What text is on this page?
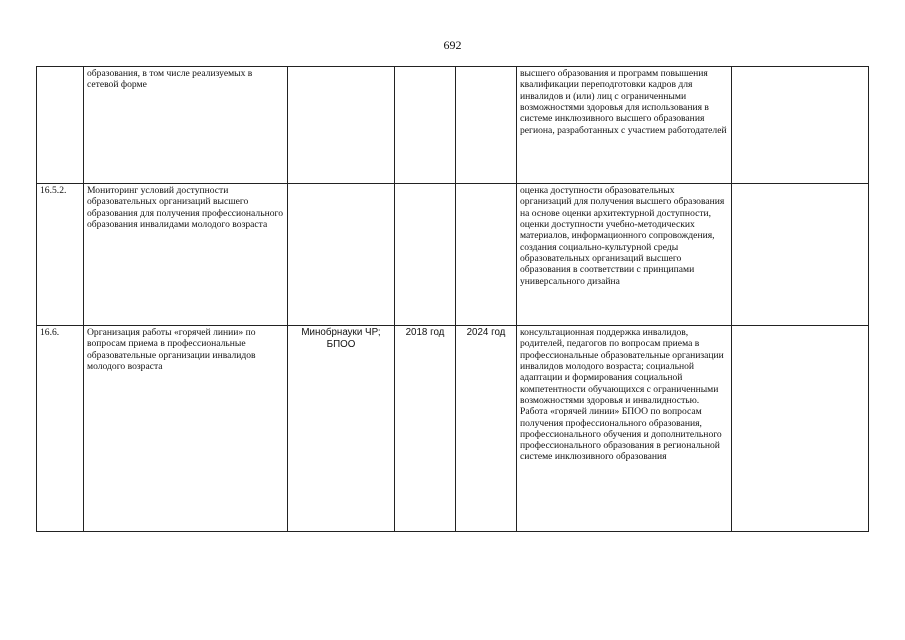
692
	образования, в том числе реализуемых в сетевой форме				высшего образования и программ повышения квалификации переподготовки кадров для инвалидов и (или) лиц с ограниченными возможностями здоровья для использования в системе инклюзивного высшего образования региона, разработанных с участием работодателей	
16.5.2.	Мониторинг условий доступности образовательных организаций высшего образования для получения профессионального образования инвалидами молодого возраста				оценка доступности образовательных организаций для получения высшего образования на основе оценки архитектурной доступности, оценки доступности учебно-методических материалов, информационного сопровождения, создания социально-культурной среды образовательных организаций высшего образования в соответствии с принципами универсального дизайна	
16.6.	Организация работы «горячей линии» по вопросам приема в профессиональные образовательные организации инвалидов молодого возраста	Минобрнауки ЧР; БПОО	2018 год	2024 год	консультационная поддержка инвалидов, родителей, педагогов по вопросам приема в профессиональные образовательные организации инвалидов молодого возраста; социальной адаптации и формирования социальной компетентности обучающихся с ограниченными возможностями здоровья и инвалидностью. Работа «горячей линии» БПОО по вопросам получения профессионального образования, профессионального обучения и дополнительного профессионального образования в региональной системе инклюзивного образования	
